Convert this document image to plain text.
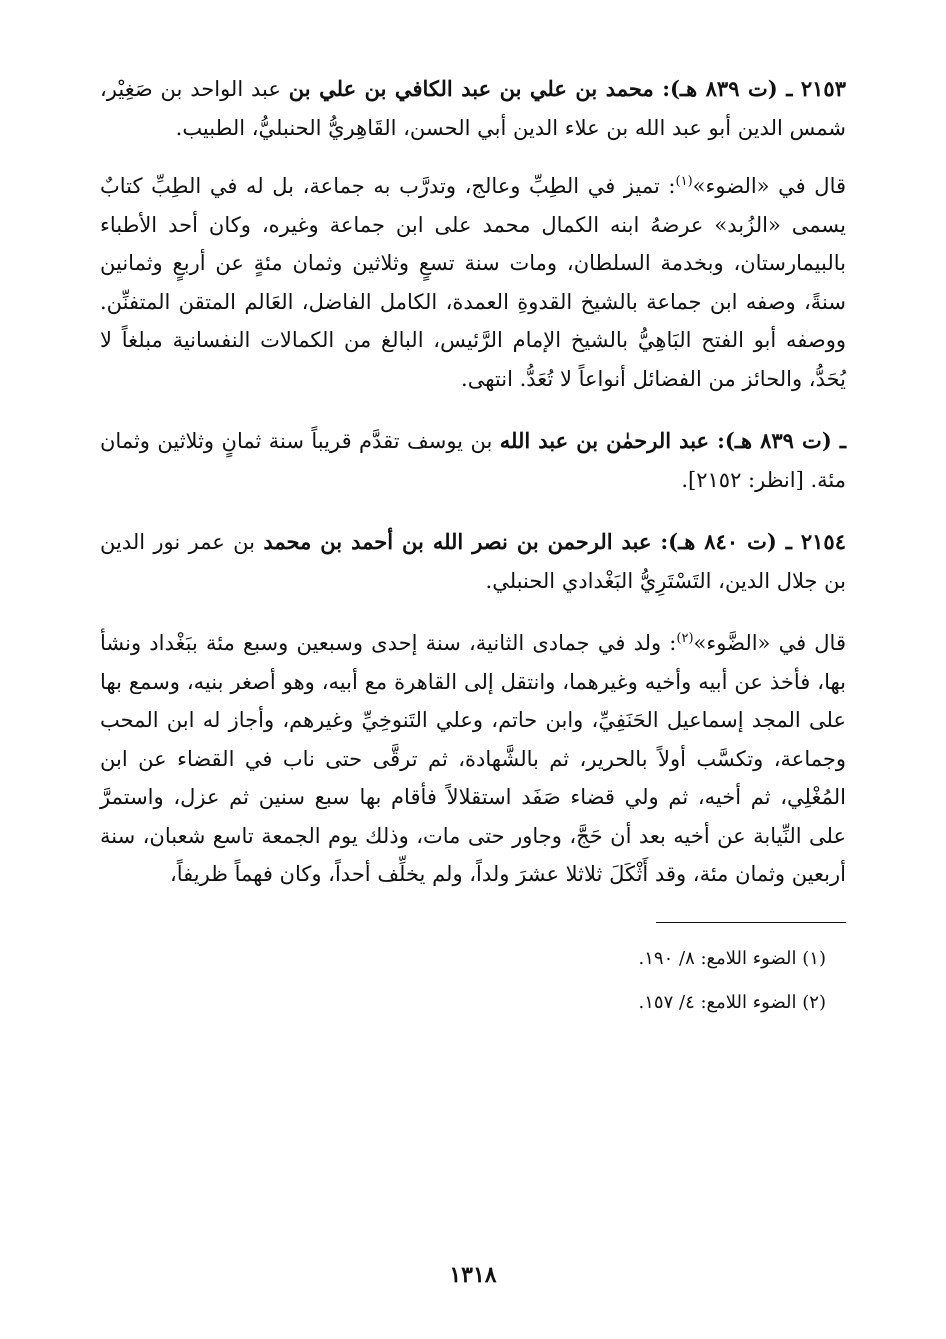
٢١٥٣ ـ (ت ٨٣٩ هـ): محمد بن علي بن عبد الكافي بن علي بن عبد الواحد بن صَغِيْر، شمس الدين أبو عبد الله بن علاء الدين أبي الحسن، القَاهِريُّ الحنبليُّ، الطبيب.

قال في «الضوء»$^{(١)}$: تميز في الطِبِّ وعالج، وتدرَّب به جماعة، بل له في الطِبِّ كتابٌ يسمى «الزُبد» عرضهُ ابنه الكمال محمد على ابن جماعة وغيره، وكان أحد الأطباء بالبيمارستان، وبخدمة السلطان، ومات سنة تسعٍ وثلاثين وثمان مئةٍ عن أربعٍ وثمانين سنةً، وصفه ابن جماعة بالشيخ القدوةِ العمدة، الكامل الفاضل، العَالم المتقن المتفنِّن. ووصفه أبو الفتح البَاهِيُّ بالشيخ الإمام الرَّئيس، البالغ من الكمالات النفسانية مبلغاً لا يُحَدُّ، والحائز من الفضائل أنواعاً لا تُعَدُّ. انتهى.

ـ (ت ٨٣٩ هـ): عبد الرحمٰن بن عبد الله بن يوسف تقدَّم قريباً سنة ثمانٍ وثلاثين وثمان مئة. [انظر: ٢١٥٢].

٢١٥٤ ـ (ت ٨٤٠ هـ): عبد الرحمن بن نصر الله بن أحمد بن محمد بن عمر نور الدين بن جلال الدين، التَسْتَرِيُّ البَغْدادي الحنبلي.

قال في «الضَّوء»$^{(٢)}$: ولد في جمادى الثانية، سنة إحدى وسبعين وسبع مئة ببَغْداد ونشأ بها، فأخذ عن أبيه وأخيه وغيرهما، وانتقل إلى القاهرة مع أبيه، وهو أصغر بنيه، وسمع بها على المجد إسماعيل الحَنَفِيِّ، وابن حاتم، وعلي التَنوخِيِّ وغيرهم، وأجاز له ابن المحب وجماعة، وتكسَّب أولاً بالحرير، ثم بالشَّهادة، ثم ترقَّى حتى ناب في القضاء عن ابن المُغْلِي، ثم أخيه، ثم ولي قضاء صَفَد استقلالاً فأقام بها سبع سنين ثم عزل، واستمرَّ على النِّيابة عن أخيه بعد أن حَجَّ، وجاور حتى مات، وذلك يوم الجمعة تاسع شعبان، سنة أربعين وثمان مئة، وقد أَثْكَلَ ثلاثلا عشرَ ولداً، ولم يخلِّف أحداً، وكان فهماً ظريفاً،

(١) الضوء اللامع: ٨/ ١٩٠.

(٢) الضوء اللامع: ٤/ ١٥٧.

١٣١٨
